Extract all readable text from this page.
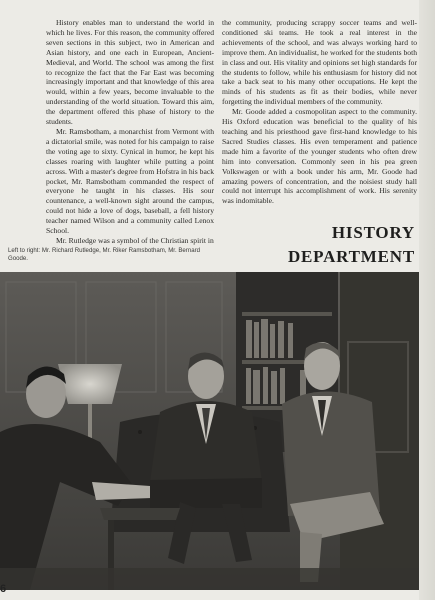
History enables man to understand the world in which he lives. For this reason, the community offered seven sections in this subject, two in American and Asian history, and one each in European, Ancient-Medieval, and World. The school was among the first to recognize the fact that the Far East was becoming increasingly important and that knowledge of this area would, within a few years, become invaluable to the understanding of the world situation. Toward this aim, the department offered this phase of history to the students.

Mr. Ramsbotham, a monarchist from Vermont with a dictatorial smile, was noted for his campaign to raise the voting age to sixty. Cynical in humor, he kept his classes roaring with laughter while putting a point across. With a master's degree from Hofstra in his back pocket, Mr. Ramsbotham commanded the respect of everyone he taught in his classes. His sour countenance, a well-known sight around the campus, could not hide a love of dogs, baseball, a fell history teacher named Wilson and a community called Lenox School.

Mr. Rutledge was a symbol of the Christian spirit in

the community, producing scrappy soccer teams and well-conditioned ski teams. He took a real interest in the achievements of the school, and was always working hard to improve them. An individualist, he worked for the students both in class and out. His vitality and opinions set high standards for the students to follow, while his enthusiasm for history did not take a back seat to his many other occupations. He kept the minds of his students as fit as their bodies, while never forgetting the individual members of the community.

Mr. Goode added a cosmopolitan aspect to the community. His Oxford education was beneficial to the quality of his teaching and his priesthood gave first-hand knowledge to his Sacred Studies classes. His even temperament and patience made him a favorite of the younger students who often drew him into conversation. Commonly seen in his pea green Volkswagen or with a book under his arm, Mr. Goode had amazing powers of concentration, and the noisiest study hall could not interrupt his accomplishment of work. His serenity was indomitable.

HISTORY
DEPARTMENT
Left to right: Mr. Richard Rutledge, Mr. Riker Ramsbotham, Mr. Bernard Goode.
6
